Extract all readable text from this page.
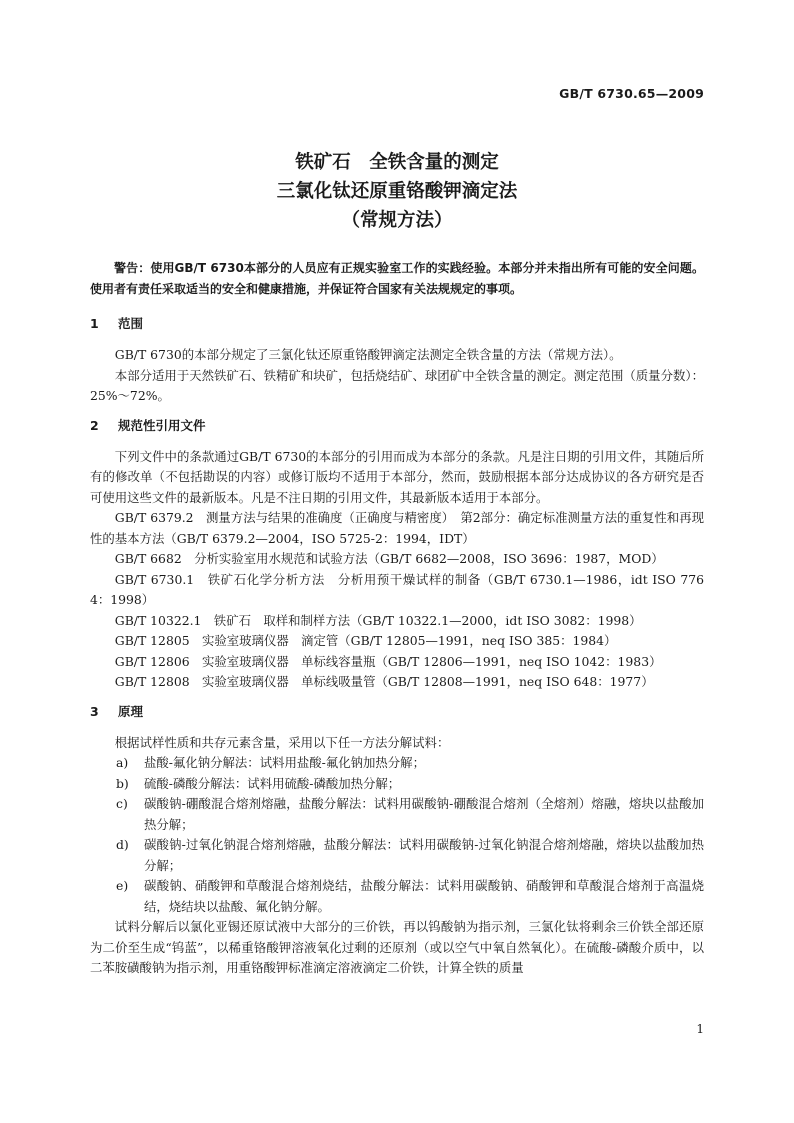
GB/T 6730.65—2009
铁矿石　全铁含量的测定
三氯化钛还原重铬酸钾滴定法
（常规方法）

警告：使用GB/T 6730本部分的人员应有正规实验室工作的实践经验。本部分并未指出所有可能的安全问题。使用者有责任采取适当的安全和健康措施，并保证符合国家有关法规规定的事项。

1 范围

GB/T 6730的本部分规定了三氯化钛还原重铬酸钾滴定法测定全铁含量的方法（常规方法）。

本部分适用于天然铁矿石、铁精矿和块矿，包括烧结矿、球团矿中全铁含量的测定。测定范围（质量分数）：25%～72%。

2 规范性引用文件

下列文件中的条款通过GB/T 6730的本部分的引用而成为本部分的条款。凡是注日期的引用文件，其随后所有的修改单（不包括勘误的内容）或修订版均不适用于本部分，然而，鼓励根据本部分达成协议的各方研究是否可使用这些文件的最新版本。凡是不注日期的引用文件，其最新版本适用于本部分。

GB/T 6379.2　测量方法与结果的准确度（正确度与精密度）　第2部分：确定标准测量方法的重复性和再现性的基本方法（GB/T 6379.2—2004，ISO 5725-2：1994，IDT）
GB/T 6682　分析实验室用水规范和试验方法（GB/T 6682—2008，ISO 3696：1987，MOD）
GB/T 6730.1　铁矿石化学分析方法　分析用预干燥试样的制备（GB/T 6730.1—1986，idt ISO 7764：1998）
GB/T 10322.1　铁矿石　取样和制样方法（GB/T 10322.1—2000，idt ISO 3082：1998）
GB/T 12805　实验室玻璃仪器　滴定管（GB/T 12805—1991，neq ISO 385：1984）
GB/T 12806　实验室玻璃仪器　单标线容量瓶（GB/T 12806—1991，neq ISO 1042：1983）
GB/T 12808　实验室玻璃仪器　单标线吸量管（GB/T 12808—1991，neq ISO 648：1977）
3 原理

根据试样性质和共存元素含量，采用以下任一方法分解试料：

a) 盐酸-氟化钠分解法：试料用盐酸-氟化钠加热分解；
b) 硫酸-磷酸分解法：试料用硫酸-磷酸加热分解；
c) 碳酸钠-硼酸混合熔剂熔融，盐酸分解法：试料用碳酸钠-硼酸混合熔剂（全熔剂）熔融，熔块以盐酸加热分解；
d) 碳酸钠-过氧化钠混合熔剂熔融，盐酸分解法：试料用碳酸钠-过氧化钠混合熔剂熔融，熔块以盐酸加热分解；
e) 碳酸钠、硝酸钾和草酸混合熔剂烧结，盐酸分解法：试料用碳酸钠、硝酸钾和草酸混合熔剂于高温烧结，烧结块以盐酸、氟化钠分解。

试料分解后以氯化亚锡还原试液中大部分的三价铁，再以钨酸钠为指示剂，三氯化钛将剩余三价铁全部还原为二价至生成“钨蓝”，以稀重铬酸钾溶液氧化过剩的还原剂（或以空气中氧自然氧化）。在硫酸-磷酸介质中，以二苯胺磺酸钠为指示剂，用重铬酸钾标准滴定溶液滴定二价铁，计算全铁的质量

1
